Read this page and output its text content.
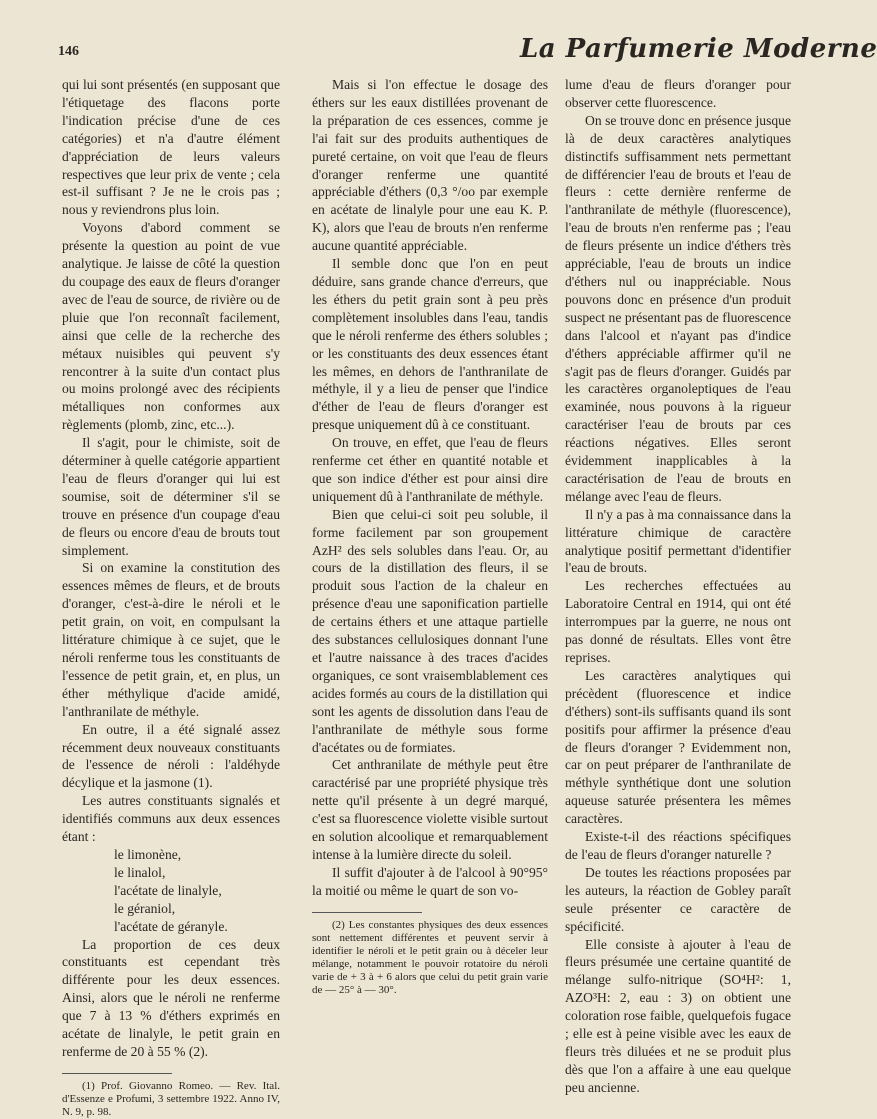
146	La Parfumerie Moderne

qui lui sont présentés (en supposant que l'étiquetage des flacons porte l'indication précise d'une de ces catégories) et n'a d'autre élément d'appréciation de leurs valeurs respectives que leur prix de vente ; cela est-il suffisant ? Je ne le crois pas ; nous y reviendrons plus loin.

Voyons d'abord comment se présente la question au point de vue analytique. Je laisse de côté la question du coupage des eaux de fleurs d'oranger avec de l'eau de source, de rivière ou de pluie que l'on reconnaît facilement, ainsi que celle de la recherche des métaux nuisibles qui peuvent s'y rencontrer à la suite d'un contact plus ou moins prolongé avec des récipients métalliques non conformes aux règlements (plomb, zinc, etc...).

Il s'agit, pour le chimiste, soit de déterminer à quelle catégorie appartient l'eau de fleurs d'oranger qui lui est soumise, soit de déterminer s'il se trouve en présence d'un coupage d'eau de fleurs ou encore d'eau de brouts tout simplement.

Si on examine la constitution des essences mêmes de fleurs, et de brouts d'oranger, c'est-à-dire le néroli et le petit grain, on voit, en compulsant la littérature chimique à ce sujet, que le néroli renferme tous les constituants de l'essence de petit grain, et, en plus, un éther méthylique d'acide amidé, l'anthranilate de méthyle.

En outre, il a été signalé assez récemment deux nouveaux constituants de l'essence de néroli : l'aldéhyde décylique et la jasmone (1).

Les autres constituants signalés et identifiés communs aux deux essences étant :

le limonène,
le linalol,
l'acétate de linalyle,
le géraniol,
l'acétate de géranyle.

La proportion de ces deux constituants est cependant très différente pour les deux essences. Ainsi, alors que le néroli ne renferme que 7 à 13 % d'éthers exprimés en acétate de linalyle, le petit grain en renferme de 20 à 55 % (2).

(1) Prof. Giovanno Romeo. — Rev. Ital. d'Essenze e Profumi, 3 settembre 1922. Anno IV, N. 9, p. 98.

Mais si l'on effectue le dosage des éthers sur les eaux distillées provenant de la préparation de ces essences, comme je l'ai fait sur des produits authentiques de pureté certaine, on voit que l'eau de fleurs d'oranger renferme une quantité appréciable d'éthers (0,3 °/oo par exemple en acétate de linalyle pour une eau K. P. K), alors que l'eau de brouts n'en renferme aucune quantité appréciable.

Il semble donc que l'on en peut déduire, sans grande chance d'erreurs, que les éthers du petit grain sont à peu près complètement insolubles dans l'eau, tandis que le néroli renferme des éthers solubles ; or les constituants des deux essences étant les mêmes, en dehors de l'anthranilate de méthyle, il y a lieu de penser que l'indice d'éther de l'eau de fleurs d'oranger est presque uniquement dû à ce constituant.

On trouve, en effet, que l'eau de fleurs renferme cet éther en quantité notable et que son indice d'éther est pour ainsi dire uniquement dû à l'anthranilate de méthyle.

Bien que celui-ci soit peu soluble, il forme facilement par son groupement AzH² des sels solubles dans l'eau. Or, au cours de la distillation des fleurs, il se produit sous l'action de la chaleur en présence d'eau une saponification partielle de certains éthers et une attaque partielle des substances cellulosiques donnant l'une et l'autre naissance à des traces d'acides organiques, ce sont vraisemblablement ces acides formés au cours de la distillation qui sont les agents de dissolution dans l'eau de l'anthranilate de méthyle sous forme d'acétates ou de formiates.

Cet anthranilate de méthyle peut être caractérisé par une propriété physique très nette qu'il présente à un degré marqué, c'est sa fluorescence violette visible surtout en solution alcoolique et remarquablement intense à la lumière directe du soleil.

Il suffit d'ajouter à de l'alcool à 90°95° la moitié ou même le quart de son vo-

(2) Les constantes physiques des deux essences sont nettement différentes et peuvent servir à identifier le néroli et le petit grain ou à déceler leur mélange, notamment le pouvoir rotatoire du néroli varie de + 3 à + 6 alors que celui du petit grain varie de — 25° à — 30°.

lume d'eau de fleurs d'oranger pour observer cette fluorescence.

On se trouve donc en présence jusque là de deux caractères analytiques distinctifs suffisamment nets permettant de différencier l'eau de brouts et l'eau de fleurs : cette dernière renferme de l'anthranilate de méthyle (fluorescence), l'eau de brouts n'en renferme pas ; l'eau de fleurs présente un indice d'éthers très appréciable, l'eau de brouts un indice d'éthers nul ou inappréciable. Nous pouvons donc en présence d'un produit suspect ne présentant pas de fluorescence dans l'alcool et n'ayant pas d'indice d'éthers appréciable affirmer qu'il ne s'agit pas de fleurs d'oranger. Guidés par les caractères organoleptiques de l'eau examinée, nous pouvons à la rigueur caractériser l'eau de brouts par ces réactions négatives. Elles seront évidemment inapplicables à la caractérisation de l'eau de brouts en mélange avec l'eau de fleurs.

Il n'y a pas à ma connaissance dans la littérature chimique de caractère analytique positif permettant d'identifier l'eau de brouts.

Les recherches effectuées au Laboratoire Central en 1914, qui ont été interrompues par la guerre, ne nous ont pas donné de résultats. Elles vont être reprises.

Les caractères analytiques qui précèdent (fluorescence et indice d'éthers) sont-ils suffisants quand ils sont positifs pour affirmer la présence d'eau de fleurs d'oranger ? Evidemment non, car on peut préparer de l'anthranilate de méthyle synthétique dont une solution aqueuse saturée présentera les mêmes caractères.

Existe-t-il des réactions spécifiques de l'eau de fleurs d'oranger naturelle ?

De toutes les réactions proposées par les auteurs, la réaction de Gobley paraît seule présenter ce caractère de spécificité.

Elle consiste à ajouter à l'eau de fleurs présumée une certaine quantité de mélange sulfo-nitrique (SO⁴H²: 1, AZO³H: 2, eau : 3) on obtient une coloration rose faible, quelquefois fugace ; elle est à peine visible avec les eaux de fleurs très diluées et ne se produit plus dès que l'on a affaire à une eau quelque peu ancienne.
